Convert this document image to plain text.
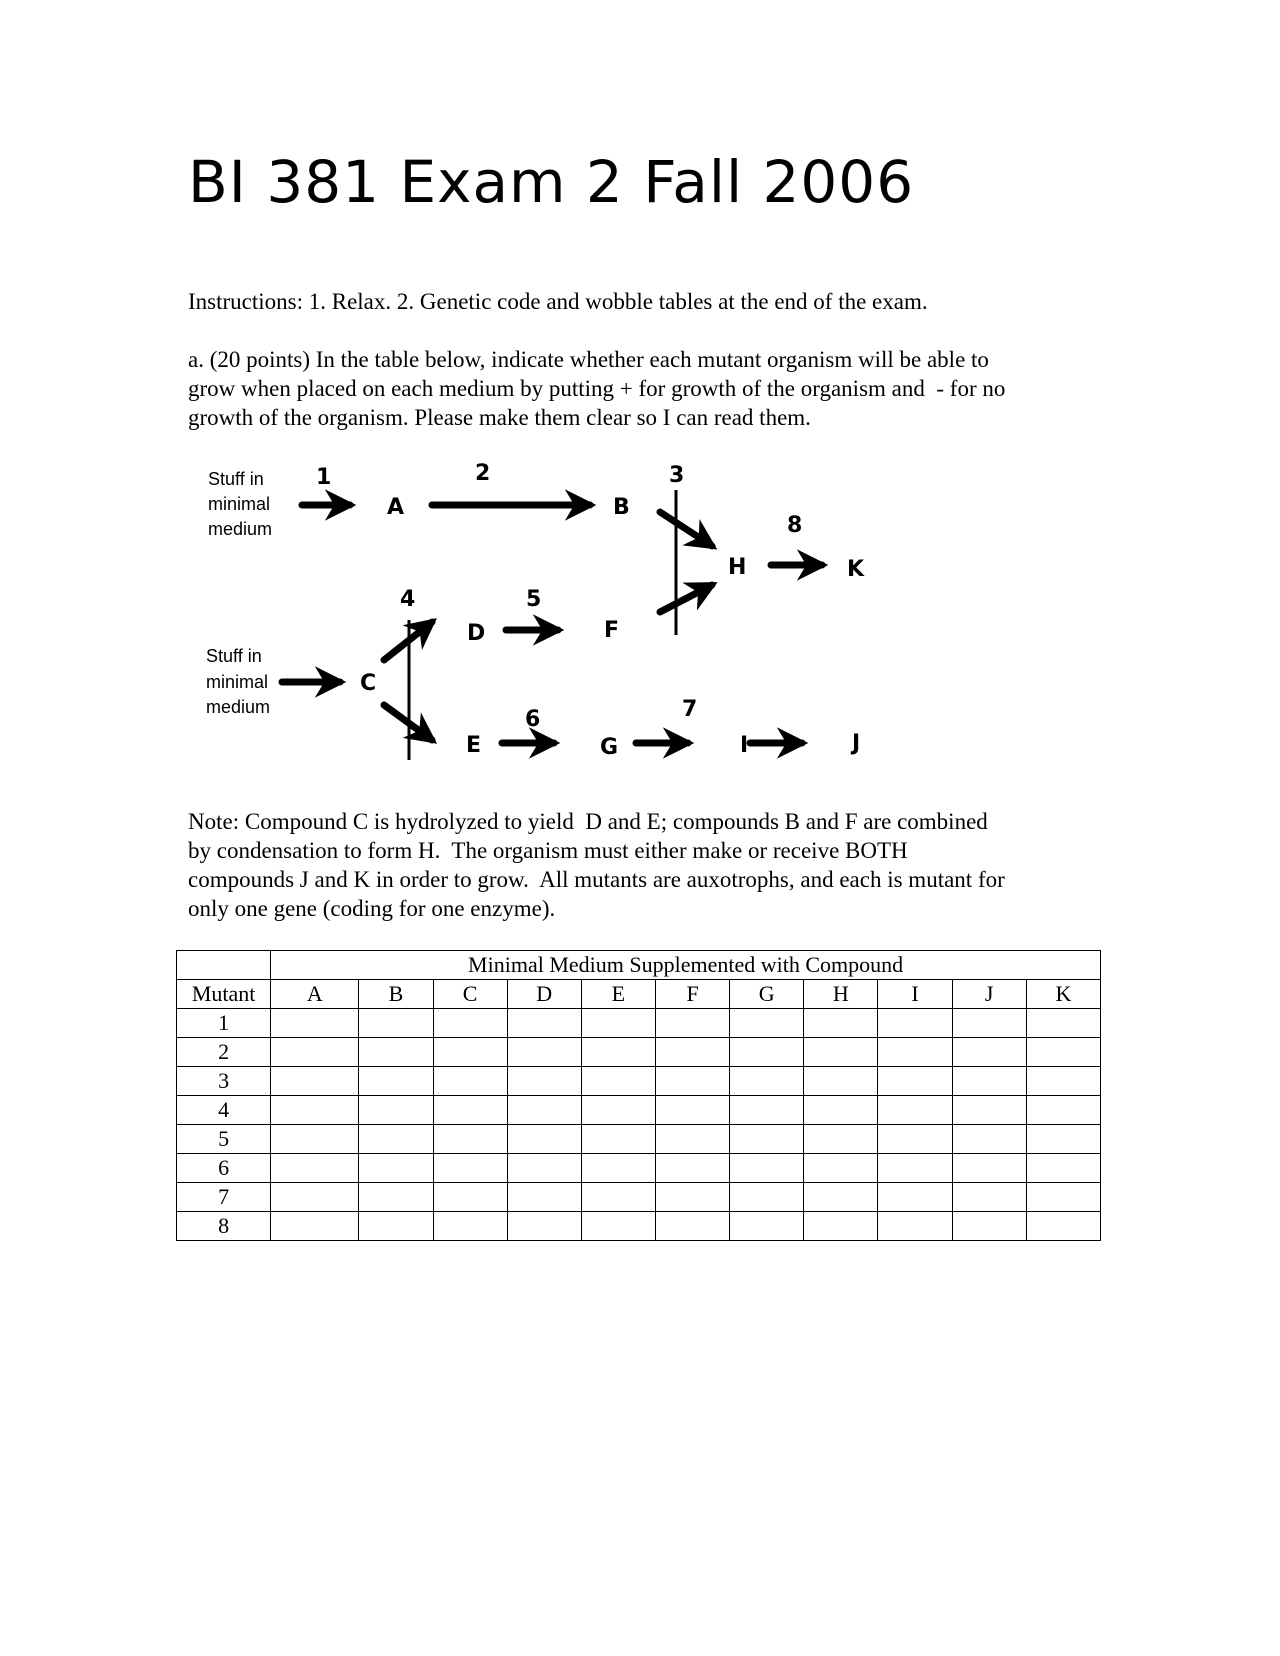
BI 381 Exam 2 Fall 2006
Instructions: 1. Relax. 2. Genetic code and wobble tables at the end of the exam.
a. (20 points) In the table below, indicate whether each mutant organism will be able to
grow when placed on each medium by putting + for growth of the organism and  - for no
growth of the organism. Please make them clear so I can read them.
Stuff in
minimal
medium
Stuff in
minimal
medium
A	B
C
D
E
F
G
H
I	J
K
1	2	3
4	5
6	7
8
Note: Compound C is hydrolyzed to yield  D and E; compounds B and F are combined
by condensation to form H.  The organism must either make or receive BOTH
compounds J and K in order to grow.  All mutants are auxotrophs, and each is mutant for
only one gene (coding for one enzyme).
	Minimal Medium Supplemented with Compound										
Mutant	A	B	C	D	E	F	G	H	I	J	K
1											
2											
3											
4											
5											
6											
7											
8											
